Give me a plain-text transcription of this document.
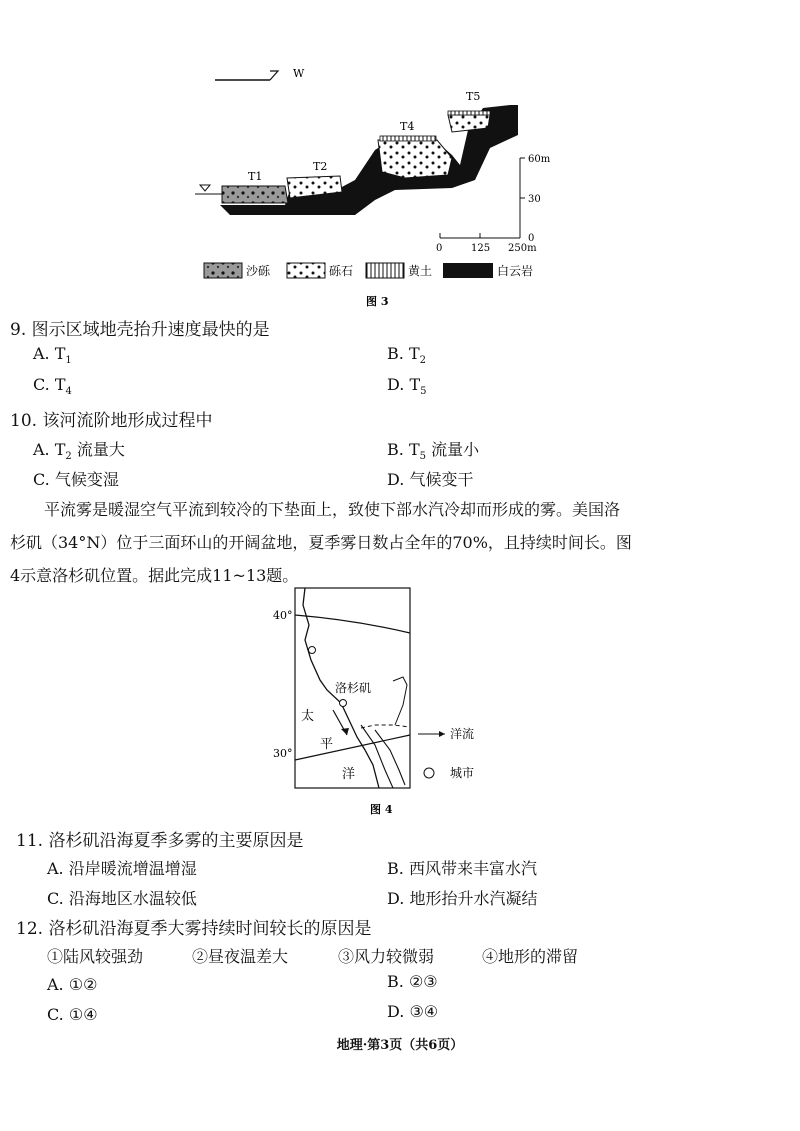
W
T1
T2
T4
T5
60m
30
0
0	125 250m
沙砾	砾石	黄土	白云岩
图 3
9. 图示区域地壳抬升速度最快的是
A. $T_1$	B. $T_2$
C. $T_4$	D. $T_5$
10. 该河流阶地形成过程中
A. $T_2$ 流量大	B. $T_5$ 流量小
C. 气候变湿	D. 气候变干
平流雾是暖湿空气平流到较冷的下垫面上，致使下部水汽冷却而形成的雾。美国洛
杉矶（34°N）位于三面环山的开阔盆地，夏季雾日数占全年的70%，且持续时间长。图
4示意洛杉矶位置。据此完成11~13题。
40°
30°
洛杉矶
太
平
洋
洋流
城市
图 4
11. 洛杉矶沿海夏季多雾的主要原因是
A. 沿岸暖流增温增湿	B. 西风带来丰富水汽
C. 沿海地区水温较低	D. 地形抬升水汽凝结
12. 洛杉矶沿海夏季大雾持续时间较长的原因是
①陆风较强劲	②昼夜温差大	③风力较微弱	④地形的滞留
A. ①②	B. ②③
C. ①④	D. ③④
地理·第3页（共6页）
